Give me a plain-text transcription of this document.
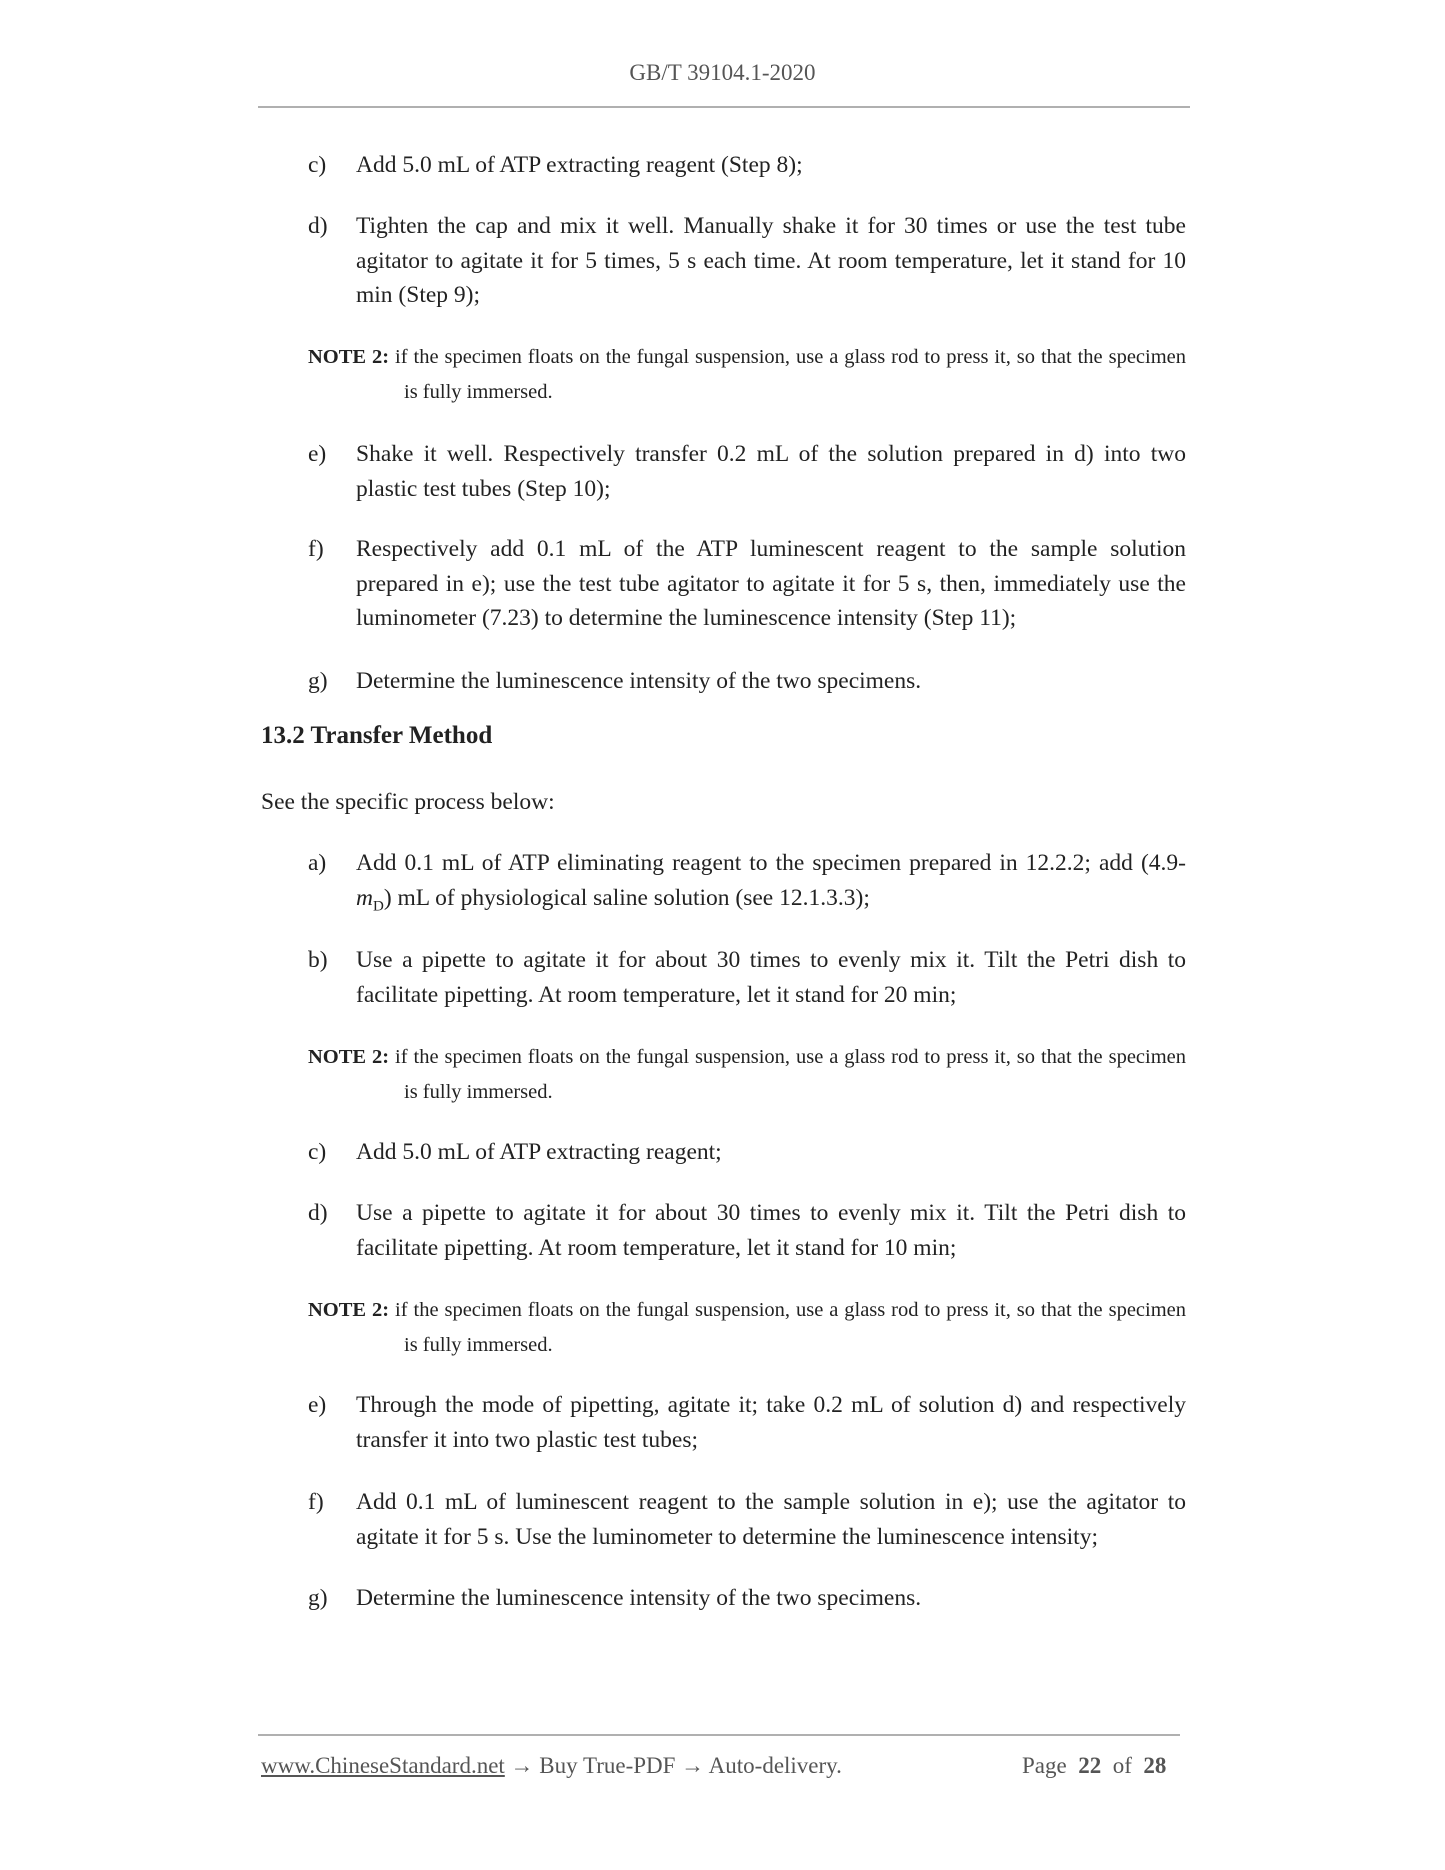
GB/T 39104.1-2020
c) Add 5.0 mL of ATP extracting reagent (Step 8);
d) Tighten the cap and mix it well. Manually shake it for 30 times or use the test tube agitator to agitate it for 5 times, 5 s each time. At room temperature, let it stand for 10 min (Step 9);
NOTE 2: if the specimen floats on the fungal suspension, use a glass rod to press it, so that the specimen is fully immersed.
e) Shake it well. Respectively transfer 0.2 mL of the solution prepared in d) into two plastic test tubes (Step 10);
f) Respectively add 0.1 mL of the ATP luminescent reagent to the sample solution prepared in e); use the test tube agitator to agitate it for 5 s, then, immediately use the luminometer (7.23) to determine the luminescence intensity (Step 11);
g) Determine the luminescence intensity of the two specimens.
13.2 Transfer Method
See the specific process below:
a) Add 0.1 mL of ATP eliminating reagent to the specimen prepared in 12.2.2; add $(4.9-m_D)$ mL of physiological saline solution (see 12.1.3.3);
b) Use a pipette to agitate it for about 30 times to evenly mix it. Tilt the Petri dish to facilitate pipetting. At room temperature, let it stand for 20 min;
NOTE 2: if the specimen floats on the fungal suspension, use a glass rod to press it, so that the specimen is fully immersed.
c) Add 5.0 mL of ATP extracting reagent;
d) Use a pipette to agitate it for about 30 times to evenly mix it. Tilt the Petri dish to facilitate pipetting. At room temperature, let it stand for 10 min;
NOTE 2: if the specimen floats on the fungal suspension, use a glass rod to press it, so that the specimen is fully immersed.
e) Through the mode of pipetting, agitate it; take 0.2 mL of solution d) and respectively transfer it into two plastic test tubes;
f) Add 0.1 mL of luminescent reagent to the sample solution in e); use the agitator to agitate it for 5 s. Use the luminometer to determine the luminescence intensity;
g) Determine the luminescence intensity of the two specimens.
www.ChineseStandard.net → Buy True-PDF → Auto-delivery.	Page 22 of 28
